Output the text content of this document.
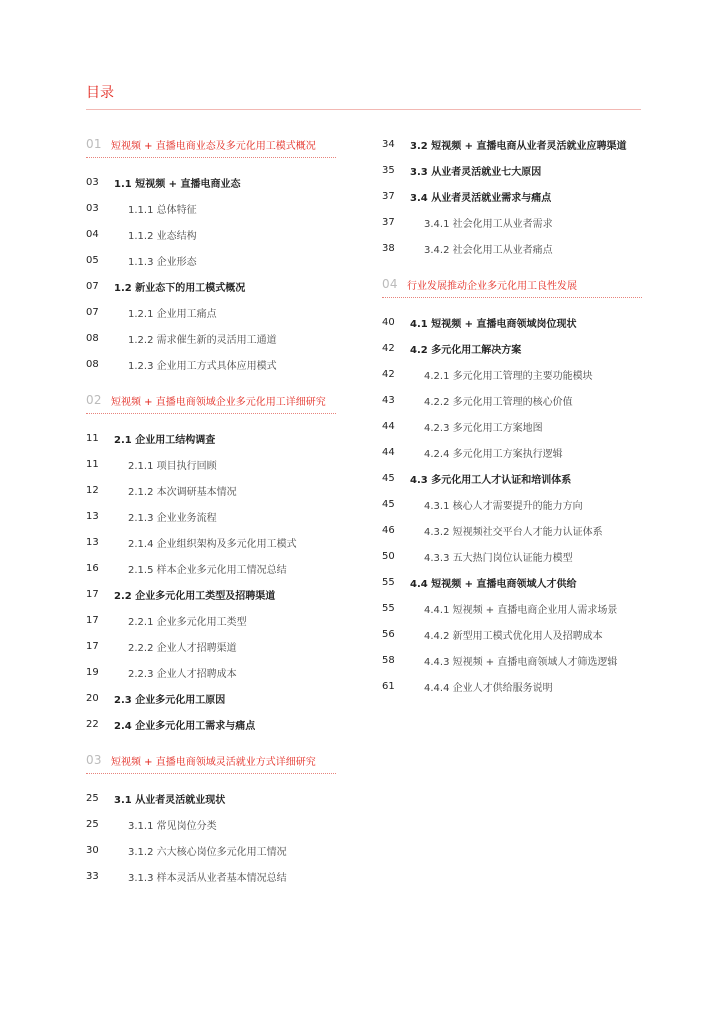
目录
01 短视频 + 直播电商业态及多元化用工模式概况
03	1.1 短视频 + 直播电商业态
03	1.1.1 总体特征
04	1.1.2 业态结构
05	1.1.3 企业形态
07	1.2 新业态下的用工模式概况
07	1.2.1 企业用工痛点
08	1.2.2 需求催生新的灵活用工通道
08	1.2.3 企业用工方式具体应用模式
02 短视频 + 直播电商领域企业多元化用工详细研究
11	2.1 企业用工结构调查
11	2.1.1 项目执行回顾
12	2.1.2 本次调研基本情况
13	2.1.3 企业业务流程
13	2.1.4 企业组织架构及多元化用工模式
16	2.1.5 样本企业多元化用工情况总结
17	2.2 企业多元化用工类型及招聘渠道
17	2.2.1 企业多元化用工类型
17	2.2.2 企业人才招聘渠道
19	2.2.3 企业人才招聘成本
20	2.3 企业多元化用工原因
22	2.4 企业多元化用工需求与痛点
03 短视频 + 直播电商领域灵活就业方式详细研究
25	3.1 从业者灵活就业现状
25	3.1.1 常见岗位分类
30	3.1.2 六大核心岗位多元化用工情况
33	3.1.3 样本灵活从业者基本情况总结
34	3.2 短视频 + 直播电商从业者灵活就业应聘渠道
35	3.3 从业者灵活就业七大原因
37	3.4 从业者灵活就业需求与痛点
37	3.4.1 社会化用工从业者需求
38	3.4.2 社会化用工从业者痛点
04 行业发展推动企业多元化用工良性发展
40	4.1 短视频 + 直播电商领域岗位现状
42	4.2 多元化用工解决方案
42	4.2.1 多元化用工管理的主要功能模块
43	4.2.2 多元化用工管理的核心价值
44	4.2.3 多元化用工方案地图
44	4.2.4 多元化用工方案执行逻辑
45	4.3 多元化用工人才认证和培训体系
45	4.3.1 核心人才需要提升的能力方向
46	4.3.2 短视频社交平台人才能力认证体系
50	4.3.3 五大热门岗位认证能力模型
55	4.4 短视频 + 直播电商领域人才供给
55	4.4.1 短视频 + 直播电商企业用人需求场景
56	4.4.2 新型用工模式优化用人及招聘成本
58	4.4.3 短视频 + 直播电商领域人才筛选逻辑
61	4.4.4 企业人才供给服务说明
